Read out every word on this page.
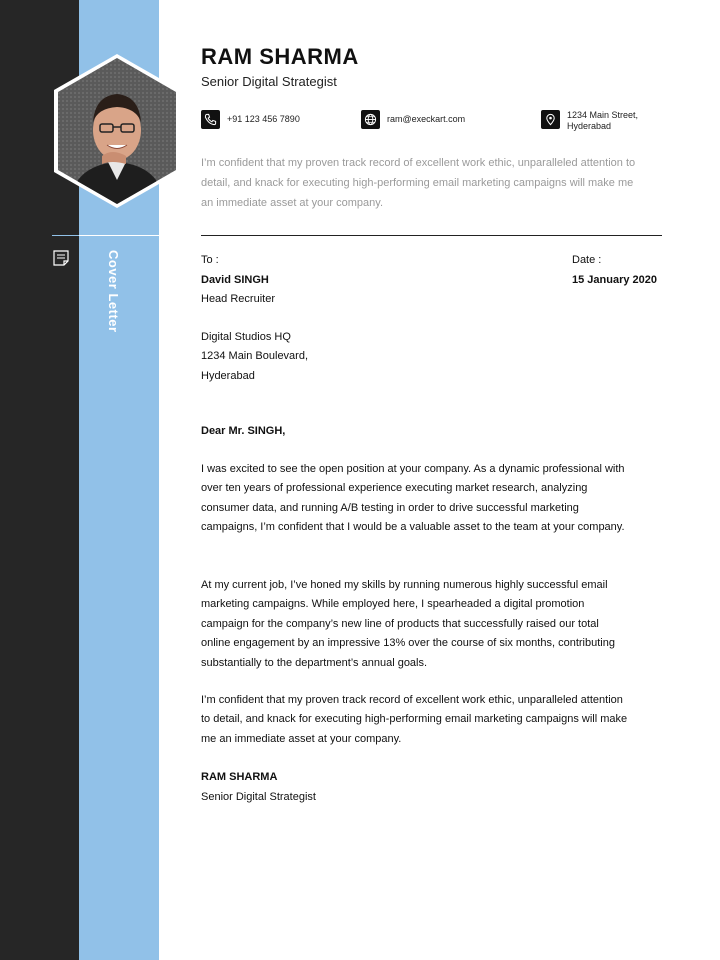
Cover Letter
RAM SHARMA
Senior Digital Strategist
+91 123 456 7890	ram@execkart.com	1234 Main Street, Hyderabad

I’m confident that my proven track record of excellent work ethic, unparalleled attention to detail, and knack for executing high-performing email marketing campaigns will make me an immediate asset at your company.

To :
David SINGH
Head Recruiter
Digital Studios HQ
1234 Main Boulevard,
Hyderabad
Date :
15 January 2020
Dear Mr. SINGH,

I was excited to see the open position at your company. As a dynamic professional with over ten years of professional experience executing market research, analyzing consumer data, and running A/B testing in order to drive successful marketing campaigns, I’m confident that I would be a valuable asset to the team at your company.

At my current job, I’ve honed my skills by running numerous highly successful email marketing campaigns. While employed here, I spearheaded a digital promotion campaign for the company’s new line of products that successfully raised our total online engagement by an impressive 13% over the course of six months, contributing substantially to the department’s annual goals.

I’m confident that my proven track record of excellent work ethic, unparalleled attention to detail, and knack for executing high-performing email marketing campaigns will make me an immediate asset at your company.

RAM SHARMA
Senior Digital Strategist
